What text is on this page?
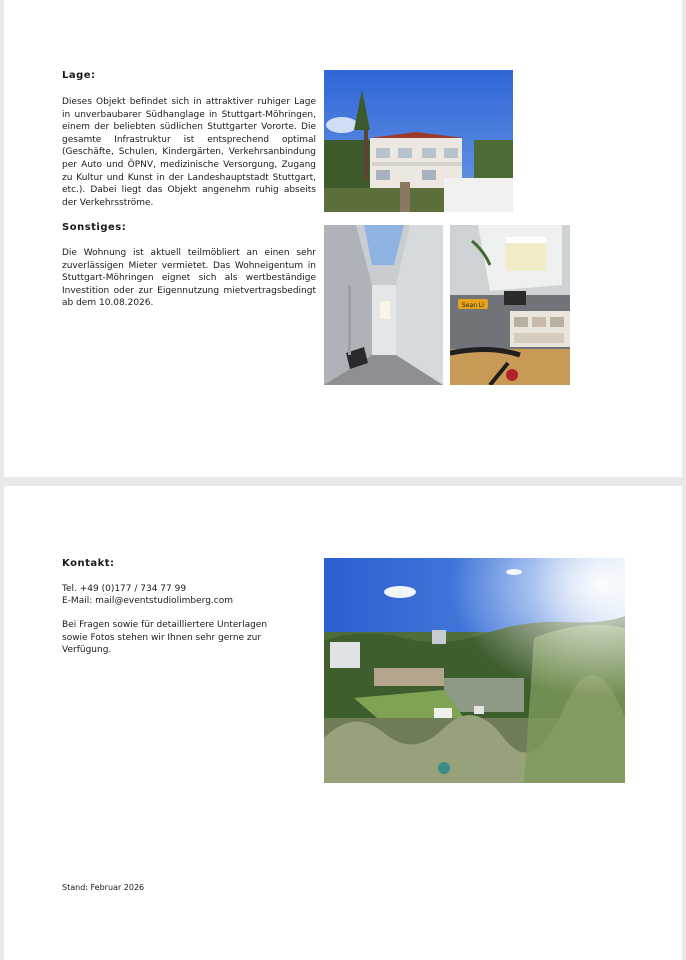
Lage:
Dieses Objekt befindet sich in attraktiver ruhiger Lage in unverbaubarer Südhanglage in Stuttgart-Möhringen, einem der beliebten südlichen Stuttgarter Vororte. Die gesamte Infrastruktur ist entsprechend optimal (Geschäfte, Schulen, Kindergärten, Verkehrsanbindung per Auto und ÖPNV, medizinische Versorgung, Zugang zu Kultur und Kunst in der Landeshauptstadt Stuttgart, etc.). Dabei liegt das Objekt angenehm ruhig abseits der Verkehrsströme.
Sonstiges:
Die Wohnung ist aktuell teilmöbliert an einen sehr zuverlässigen Mieter vermietet. Das Wohneigentum in Stuttgart-Möhringen eignet sich als wertbeständige Investition oder zur Eigennutzung mietvertragsbedingt ab dem 10.08.2026.	Sean Li
Kontakt:
Tel. +49 (0)177 / 734 77 99
E-Mail: mail@eventstudiolimberg.com
Bei Fragen sowie für detailliertere Unterlagen sowie Fotos stehen wir Ihnen sehr gerne zur Verfügung.
Stand: Februar 2026
